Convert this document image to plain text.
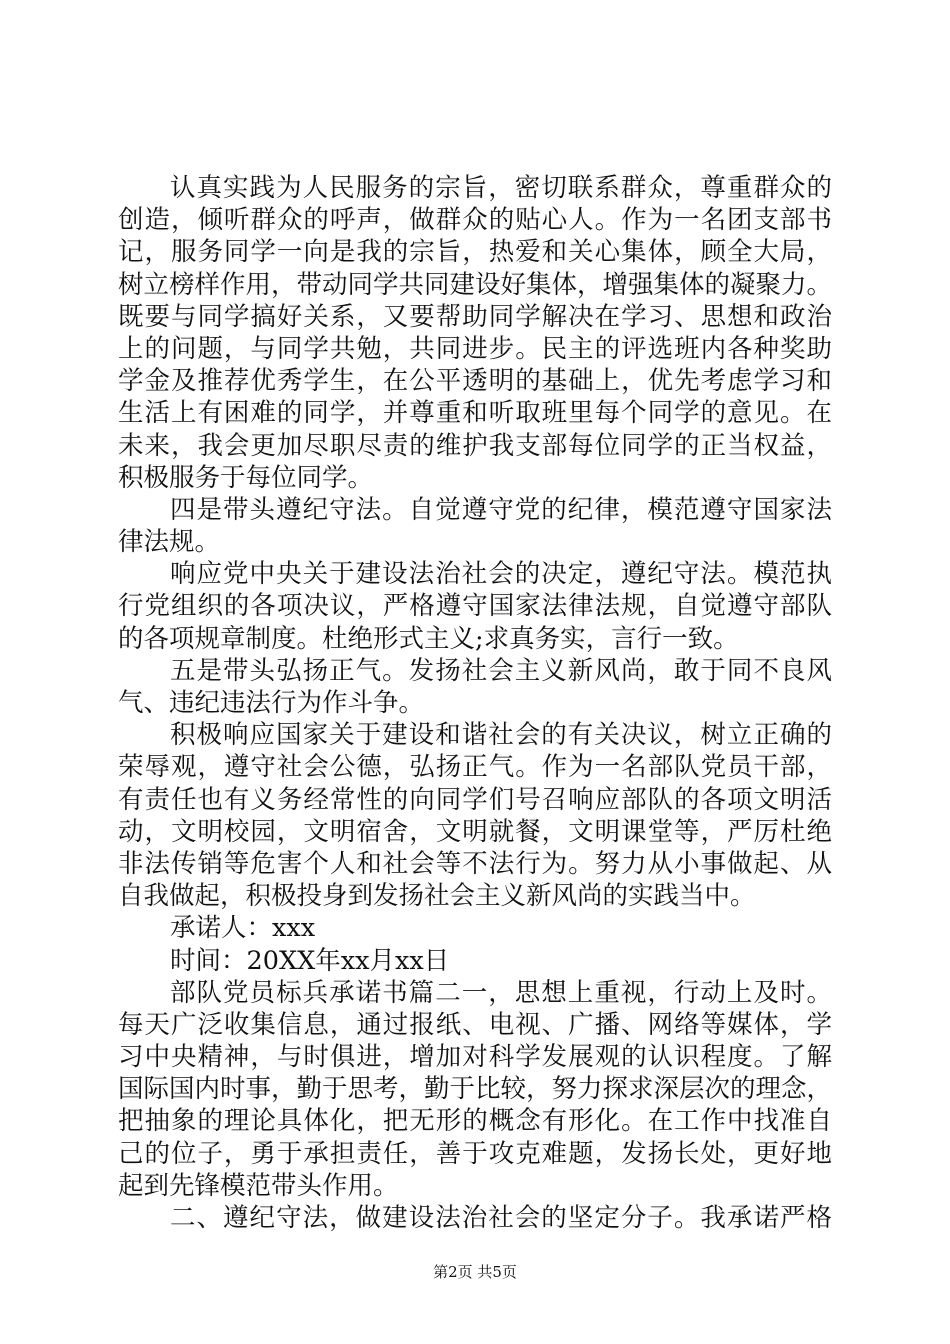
认真实践为人民服务的宗旨，密切联系群众，尊重群众的
创造，倾听群众的呼声，做群众的贴心人。作为一名团支部书
记，服务同学一向是我的宗旨，热爱和关心集体，顾全大局，
树立榜样作用，带动同学共同建设好集体，增强集体的凝聚力。
既要与同学搞好关系，又要帮助同学解决在学习、思想和政治
上的问题，与同学共勉，共同进步。民主的评选班内各种奖助
学金及推荐优秀学生，在公平透明的基础上，优先考虑学习和
生活上有困难的同学，并尊重和听取班里每个同学的意见。在
未来，我会更加尽职尽责的维护我支部每位同学的正当权益，
积极服务于每位同学。
四是带头遵纪守法。自觉遵守党的纪律，模范遵守国家法
律法规。
响应党中央关于建设法治社会的决定，遵纪守法。模范执
行党组织的各项决议，严格遵守国家法律法规，自觉遵守部队
的各项规章制度。杜绝形式主义;求真务实，言行一致。
五是带头弘扬正气。发扬社会主义新风尚，敢于同不良风
气、违纪违法行为作斗争。
积极响应国家关于建设和谐社会的有关决议，树立正确的
荣辱观，遵守社会公德，弘扬正气。作为一名部队党员干部，
有责任也有义务经常性的向同学们号召响应部队的各项文明活
动，文明校园，文明宿舍，文明就餐，文明课堂等，严厉杜绝
非法传销等危害个人和社会等不法行为。努力从小事做起、从
自我做起，积极投身到发扬社会主义新风尚的实践当中。
承诺人：xxx
时间：20XX年xx月xx日
部队党员标兵承诺书篇二一，思想上重视，行动上及时。
每天广泛收集信息，通过报纸、电视、广播、网络等媒体，学
习中央精神，与时俱进，增加对科学发展观的认识程度。了解
国际国内时事，勤于思考，勤于比较，努力探求深层次的理念，
把抽象的理论具体化，把无形的概念有形化。在工作中找准自
己的位子，勇于承担责任，善于攻克难题，发扬长处，更好地
起到先锋模范带头作用。
二、遵纪守法，做建设法治社会的坚定分子。我承诺严格
第2页 共5页
